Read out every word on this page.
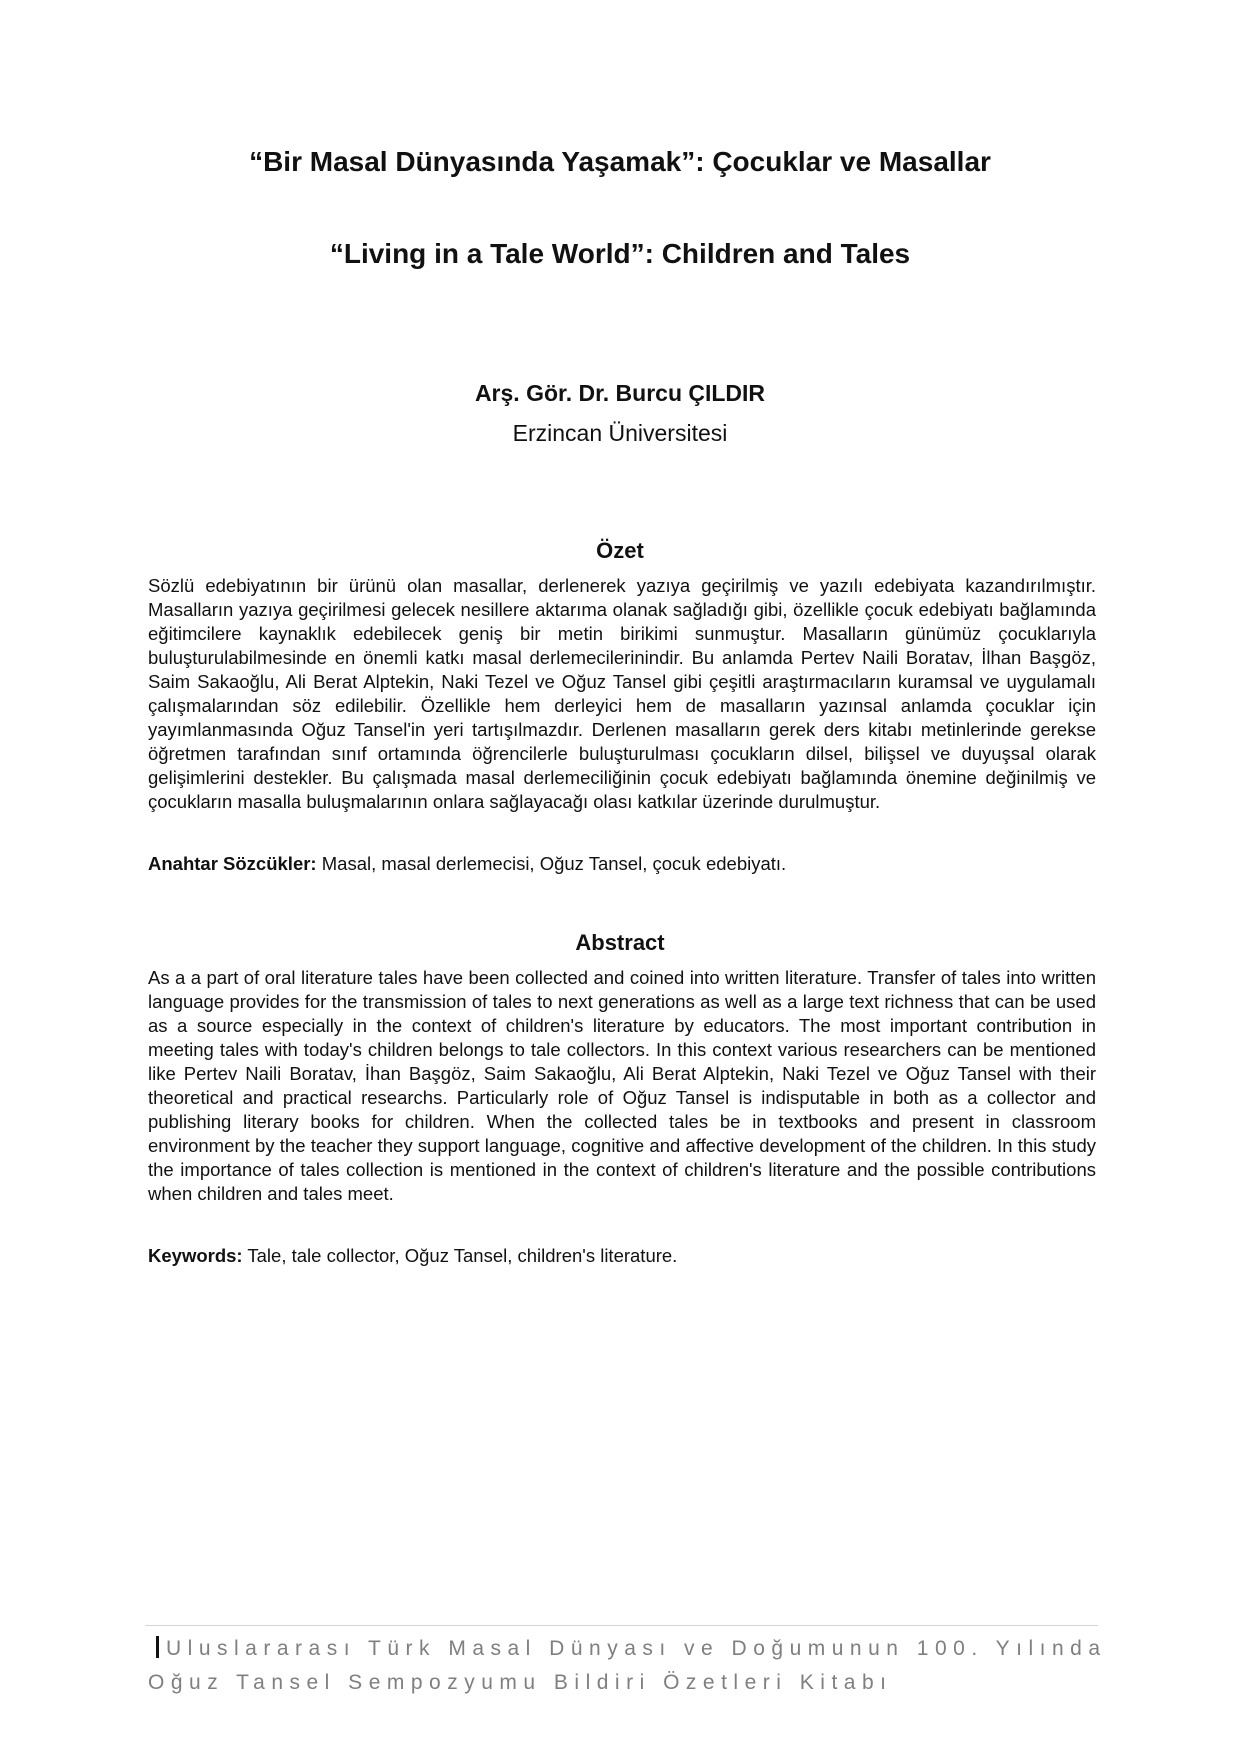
“Bir Masal Dünyasında Yaşamak”: Çocuklar ve Masallar
“Living in a Tale World”: Children and Tales
Arş. Gör. Dr. Burcu ÇILDIR
Erzincan Üniversitesi
Özet

Sözlü edebiyatının bir ürünü olan masallar, derlenerek yazıya geçirilmiş ve yazılı edebiyata kazandırılmıştır. Masalların yazıya geçirilmesi gelecek nesillere aktarıma olanak sağladığı gibi, özellikle çocuk edebiyatı bağlamında eğitimcilere kaynaklık edebilecek geniş bir metin birikimi sunmuştur. Masalların günümüz çocuklarıyla buluşturulabilmesinde en önemli katkı masal derlemecilerinindir. Bu anlamda Pertev Naili Boratav, İlhan Başgöz, Saim Sakaoğlu, Ali Berat Alptekin, Naki Tezel ve Oğuz Tansel gibi çeşitli araştırmacıların kuramsal ve uygulamalı çalışmalarından söz edilebilir. Özellikle hem derleyici hem de masalların yazınsal anlamda çocuklar için yayımlanmasında Oğuz Tansel'in yeri tartışılmazdır. Derlenen masalların gerek ders kitabı metinlerinde gerekse öğretmen tarafından sınıf ortamında öğrencilerle buluşturulması çocukların dilsel, bilişsel ve duyuşsal olarak gelişimlerini destekler. Bu çalışmada masal derlemeciliğinin çocuk edebiyatı bağlamında önemine değinilmiş ve çocukların masalla buluşmalarının onlara sağlayacağı olası katkılar üzerinde durulmuştur.

Anahtar Sözcükler: Masal, masal derlemecisi, Oğuz Tansel, çocuk edebiyatı.

Abstract

As a a part of oral literature tales have been collected and coined into written literature. Transfer of tales into written language provides for the transmission of tales to next generations as well as a large text richness that can be used as a source especially in the context of children's literature by educators. The most important contribution in meeting tales with today's children belongs to tale collectors. In this context various researchers can be mentioned like Pertev Naili Boratav, İhan Başgöz, Saim Sakaoğlu, Ali Berat Alptekin, Naki Tezel ve Oğuz Tansel with their theoretical and practical researchs. Particularly role of Oğuz Tansel is indisputable in both as a collector and publishing literary books for children. When the collected tales be in textbooks and present in classroom environment by the teacher they support language, cognitive and affective development of the children. In this study the importance of tales collection is mentioned in the context of children's literature and the possible contributions when children and tales meet.

Keywords: Tale, tale collector, Oğuz Tansel, children's literature.

Uluslararası Türk Masal Dünyası ve Doğumunun 100. Yılında
Oğuz Tansel Sempozyumu Bildiri Özetleri Kitabı
